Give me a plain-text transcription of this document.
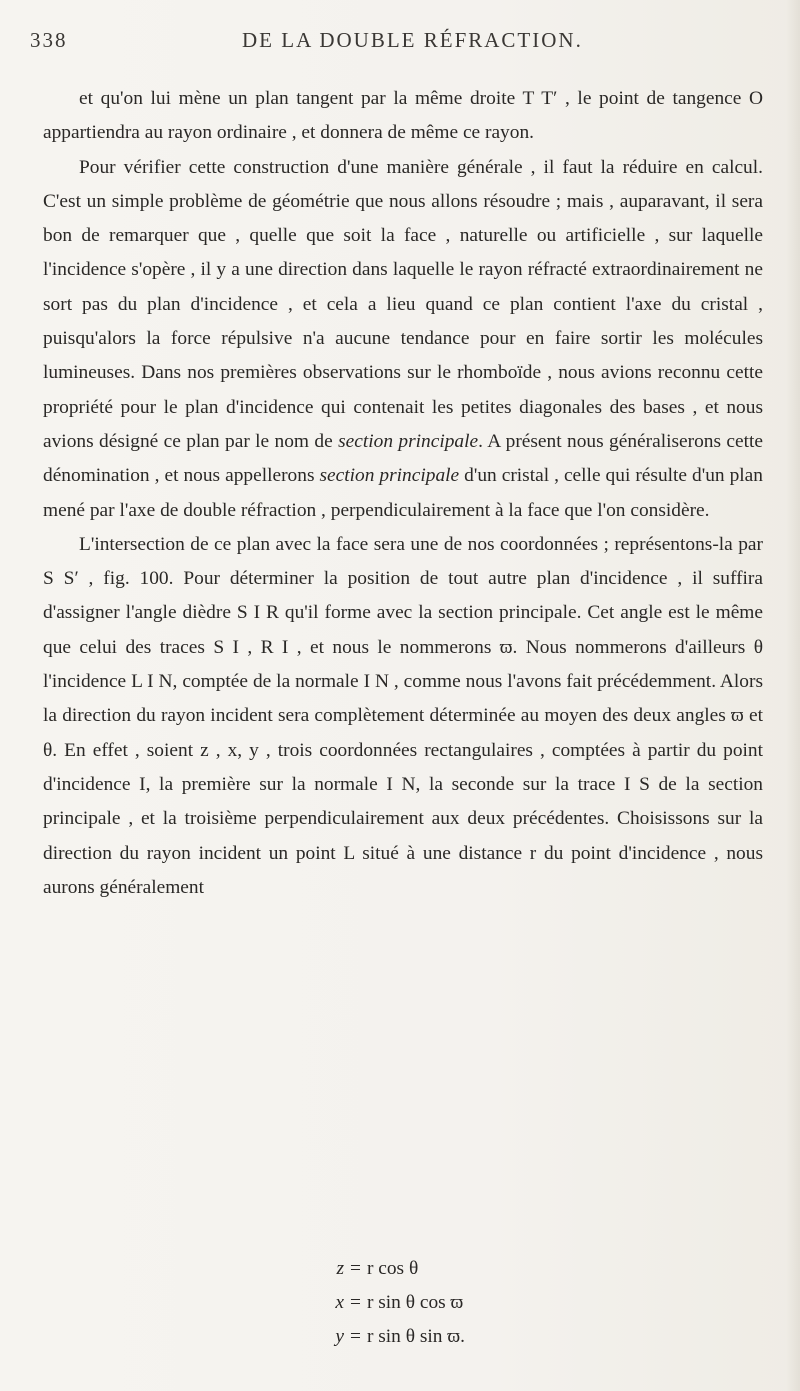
338	DE LA DOUBLE RÉFRACTION.

et qu'on lui mène un plan tangent par la même droite T T′ , le point de tangence O appartiendra au rayon ordinaire , et donnera de même ce rayon.

Pour vérifier cette construction d'une manière générale , il faut la réduire en calcul. C'est un simple problème de géométrie que nous allons résoudre ; mais , auparavant, il sera bon de remarquer que , quelle que soit la face , naturelle ou artificielle , sur laquelle l'incidence s'opère , il y a une direction dans laquelle le rayon réfracté extraordinairement ne sort pas du plan d'incidence , et cela a lieu quand ce plan contient l'axe du cristal , puisqu'alors la force répulsive n'a aucune tendance pour en faire sortir les molécules lumineuses. Dans nos premières observations sur le rhomboïde , nous avions reconnu cette propriété pour le plan d'incidence qui contenait les petites diagonales des bases , et nous avions désigné ce plan par le nom de section principale. A présent nous généraliserons cette dénomination , et nous appellerons section principale d'un cristal , celle qui résulte d'un plan mené par l'axe de double réfraction , perpendiculairement à la face que l'on considère.

L'intersection de ce plan avec la face sera une de nos coordonnées ; représentons-la par S S′ , fig. 100. Pour déterminer la position de tout autre plan d'incidence , il suffira d'assigner l'angle dièdre S I R qu'il forme avec la section principale. Cet angle est le même que celui des traces S I , R I , et nous le nommerons ϖ. Nous nommerons d'ailleurs θ l'incidence L I N, comptée de la normale I N , comme nous l'avons fait précédemment. Alors la direction du rayon incident sera complètement déterminée au moyen des deux angles ϖ et θ. En effet , soient z , x, y , trois coordonnées rectangulaires , comptées à partir du point d'incidence I, la première sur la normale I N, la seconde sur la trace I S de la section principale , et la troisième perpendiculairement aux deux précédentes. Choisissons sur la direction du rayon incident un point L situé à une distance r du point d'incidence , nous aurons généralement

z = r cos θ
x = r sin θ cos ϖ
y = r sin θ sin ϖ.
